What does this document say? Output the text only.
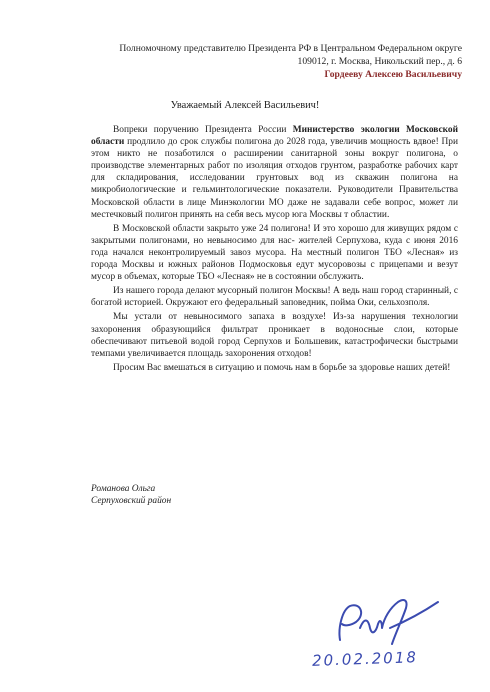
Полномочному представителю Президента РФ в Центральном Федеральном округе
109012, г. Москва, Никольский пер., д. 6
Гордееву Алексею Васильевичу
Уважаемый Алексей Васильевич!

Вопреки поручению Президента России Министерство экологии Московской области продлило до срок службы полигона до 2028 года, увеличив мощность вдвое! При этом никто не позаботился о расширении санитарной зоны вокруг полигона, о производстве элементарных работ по изоляция отходов грунтом, разработке рабочих карт для складирования, исследовании грунтовых вод из скважин полигона на микробиологические и гельминтологические показатели. Руководители Правительства Московской области в лице Минэкологии МО даже не задавали себе вопрос, может ли местечковый полигон принять на себя весь мусор юга Москвы т областии.

В Московской области закрыто уже 24 полигона! И это хорошо для живущих рядом с закрытыми полигонами, но невыносимо для нас- жителей Серпухова, куда с июня 2016 года начался неконтролируемый завоз мусора. На местный полигон ТБО «Лесная» из города Москвы и южных районов Подмосковья едут мусоровозы с прицепами и везут мусор в объемах, которые ТБО «Лесная» не в состоянии обслужить.

Из нашего города делают мусорный полигон Москвы! А ведь наш город старинный, с богатой историей. Окружают его федеральный заповедник, пойма Оки, сельхозполя.

Мы устали от невыносимого запаха в воздухе! Из-за нарушения технологии захоронения образующийся фильтрат проникает в водоносные слои, которые обеспечивают питьевой водой город Серпухов и Большевик, катастрофически быстрыми темпами увеличивается площадь захоронения отходов!

Просим Вас вмешаться в ситуацию и помочь нам в борьбе за здоровье наших детей!

Романова Ольга
Серпуховский район
20.02.2018
